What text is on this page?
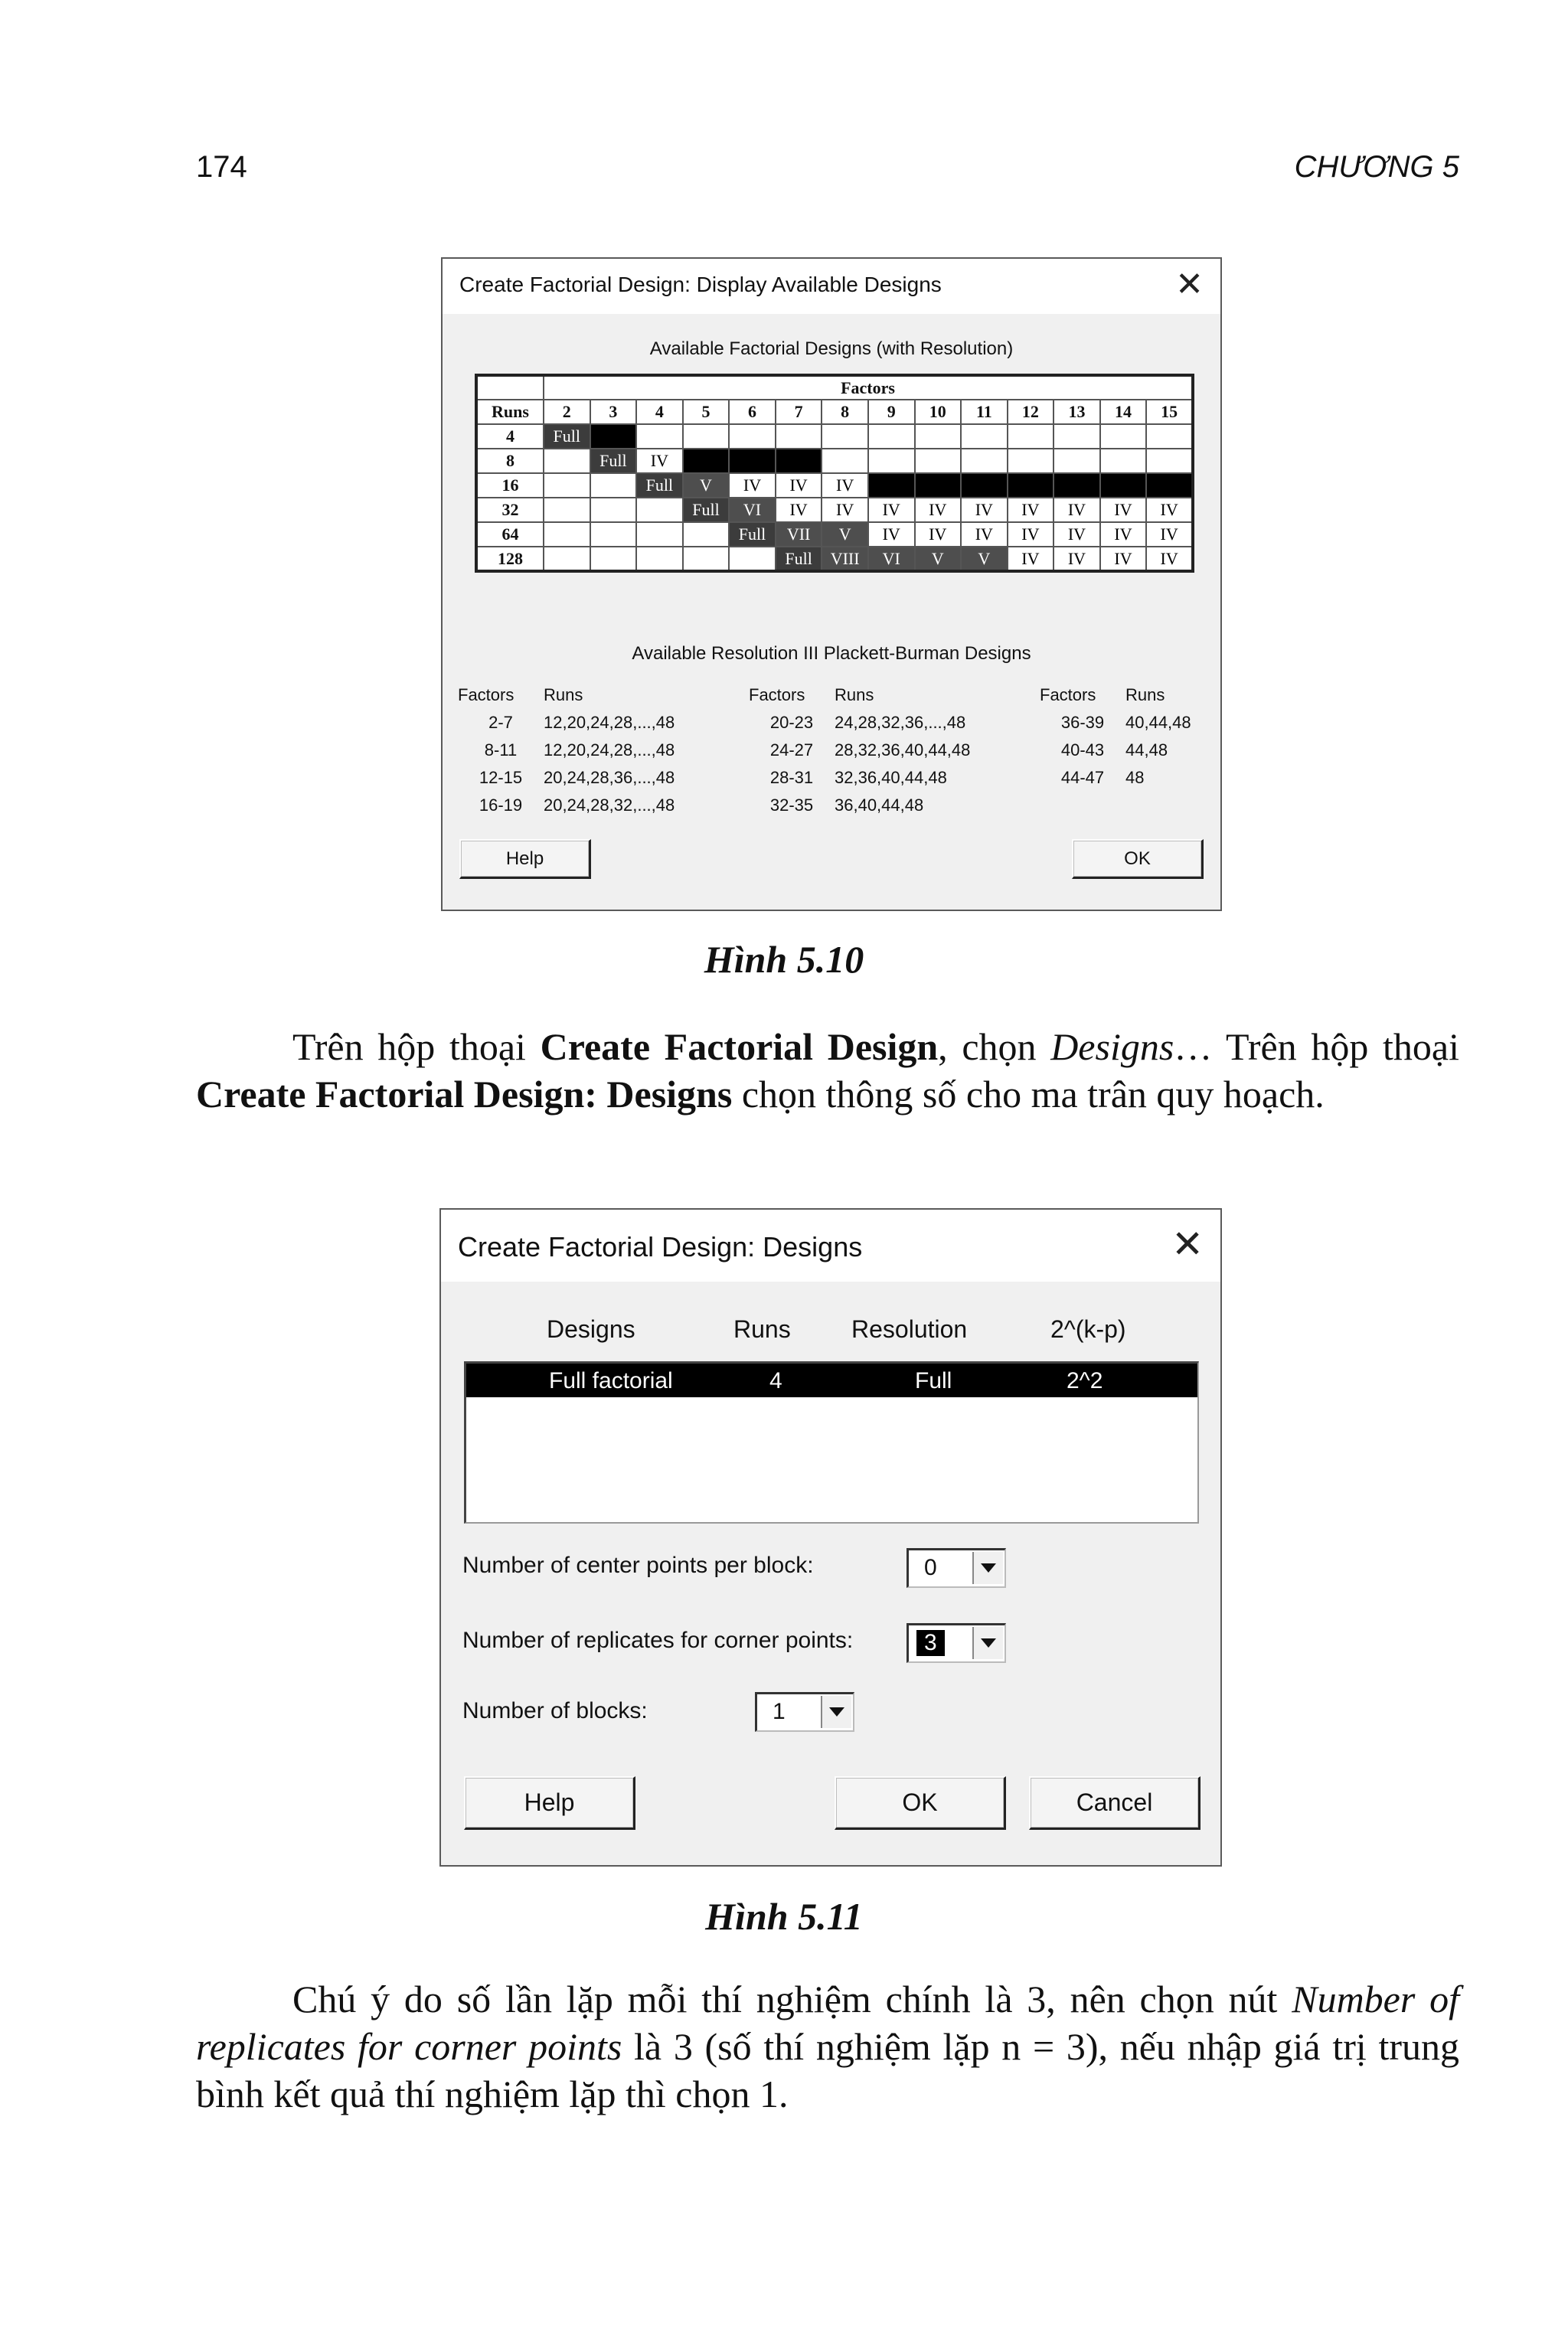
174	CHƯƠNG 5
Create Factorial Design: Display Available Designs	✕
Available Factorial Designs (with Resolution)
	Factors													
Runs	2	3	4	5	6	7	8	9	10	11	12	13	14	15
4	Full													
8		Full	IV											
16			Full	V	IV	IV	IV							
32				Full	VI	IV	IV	IV	IV	IV	IV	IV	IV	IV
64					Full	VII	V	IV	IV	IV	IV	IV	IV	IV
128						Full	VIII	VI	V	V	IV	IV	IV	IV
Available Resolution III Plackett-Burman Designs
Factors	Runs
2-7	12,20,24,28,...,48
8-11	12,20,24,28,...,48
12-15	20,24,28,36,...,48
16-19	20,24,28,32,...,48
Factors	Runs
20-23	24,28,32,36,...,48
24-27	28,32,36,40,44,48
28-31	32,36,40,44,48
32-35	36,40,44,48
Factors	Runs
36-39	40,44,48
40-43	44,48
44-47	48
Help	OK
Hình 5.10
Trên hộp thoại Create Factorial Design, chọn Designs… Trên hộp thoại Create Factorial Design: Designs chọn thông số cho ma trân quy hoạch.
Create Factorial Design: Designs	✕
Designs	Runs Resolution	2^(k-p)
Full factorial	4	Full	2^2
Number of center points per block:	0
Number of replicates for corner points:	3
Number of blocks:	1
Help	OK	Cancel
Hình 5.11
Chú ý do số lần lặp mỗi thí nghiệm chính là 3, nên chọn nút Number of replicates for corner points là 3 (số thí nghiệm lặp n = 3), nếu nhập giá trị trung bình kết quả thí nghiệm lặp thì chọn 1.
